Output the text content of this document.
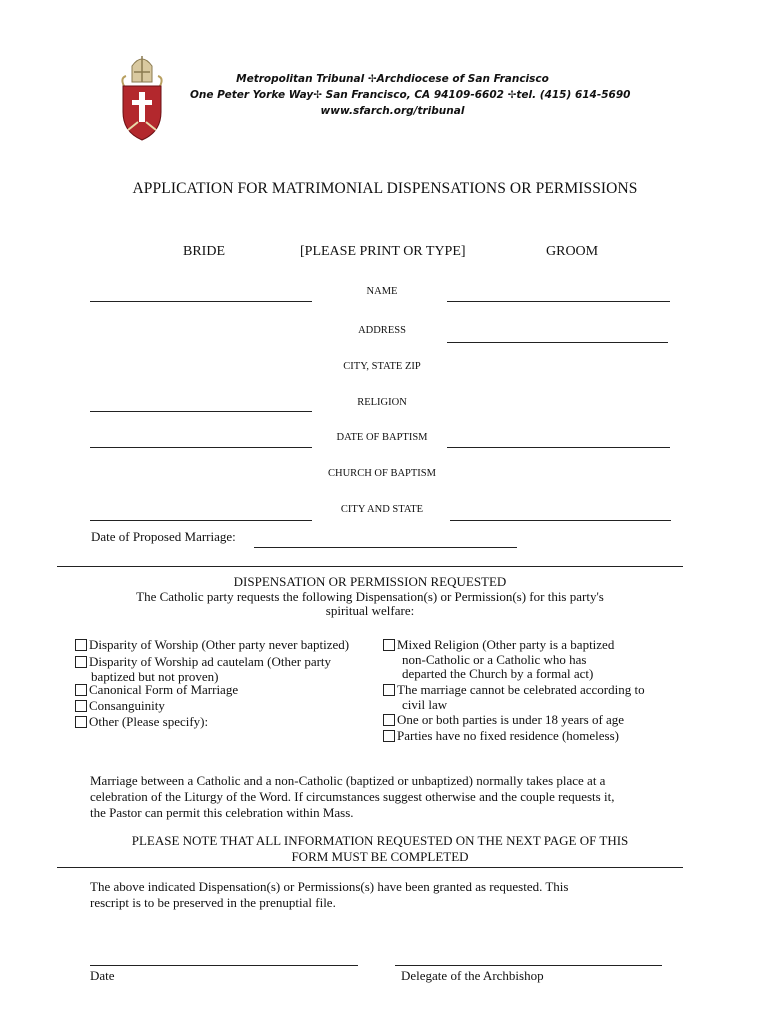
Metropolitan Tribunal ✢Archdiocese of San Francisco
One Peter Yorke Way✢ San Francisco, CA 94109-6602 ✢tel. (415) 614-5690
www.sfarch.org/tribunal
APPLICATION FOR MATRIMONIAL DISPENSATIONS OR PERMISSIONS
BRIDE	[PLEASE PRINT OR TYPE]	GROOM
NAME
ADDRESS
CITY, STATE ZIP
RELIGION
DATE OF BAPTISM
CHURCH OF BAPTISM
CITY AND STATE
Date of Proposed Marriage:
DISPENSATION OR PERMISSION REQUESTED
The Catholic party requests the following Dispensation(s) or Permission(s) for this party's
spiritual welfare:
Disparity of Worship (Other party never baptized)
Disparity of Worship ad cautelam (Other party
baptized but not proven)
Canonical Form of Marriage
Consanguinity
Other (Please specify):
Mixed Religion (Other party is a baptized
non-Catholic or a Catholic who has
departed the Church by a formal act)
The marriage cannot be celebrated according to
civil law
One or both parties is under 18 years of age
Parties have no fixed residence (homeless)
Marriage between a Catholic and a non-Catholic (baptized or unbaptized) normally takes place at a
celebration of the Liturgy of the Word. If circumstances suggest otherwise and the couple requests it,
the Pastor can permit this celebration within Mass.
PLEASE NOTE THAT ALL INFORMATION REQUESTED ON THE NEXT PAGE OF THIS
FORM MUST BE COMPLETED
The above indicated Dispensation(s) or Permissions(s) have been granted as requested. This
rescript is to be preserved in the prenuptial file.
Date	Delegate of the Archbishop
